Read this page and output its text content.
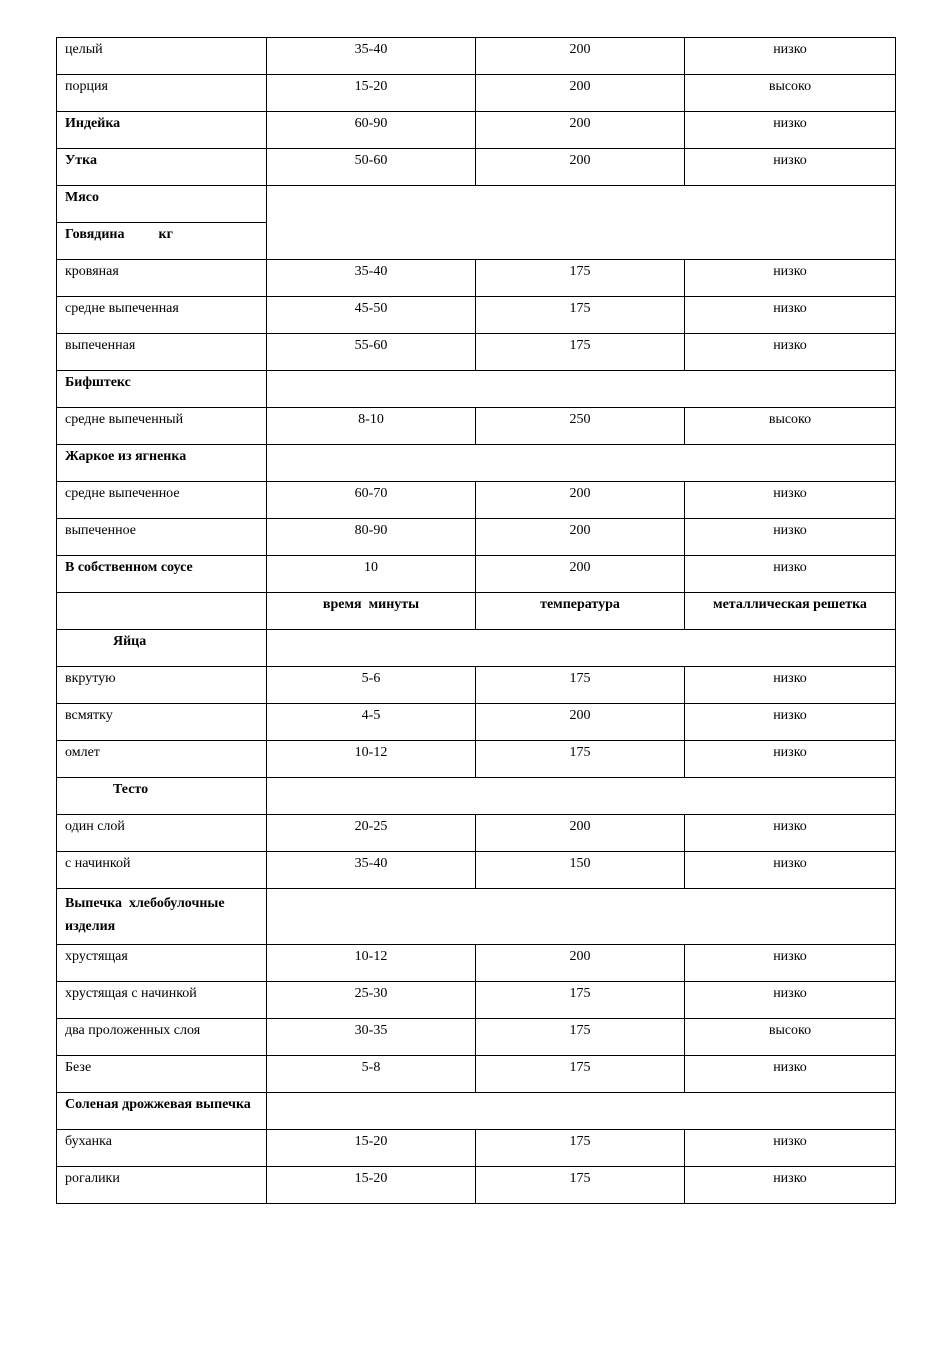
целый	35-40	200	низко
порция	15-20	200	высоко
Индейка	60-90	200	низко
Утка	50-60	200	низко
Мясо			
Говядина кг			
кровяная	35-40	175	низко
средне выпеченная	45-50	175	низко
выпеченная	55-60	175	низко
Бифштекс			
средне выпеченный	8-10	250	высоко
Жаркое из ягненка			
средне выпеченное	60-70	200	низко
выпеченное	80-90	200	низко
В собственном соусе	10	200	низко
	время  минуты	температура	металлическая решетка
Яйца			
вкрутую	5-6	175	низко
всмятку	4-5	200	низко
омлет	10-12	175	низко
Тесто			
один слой	20-25	200	низко
с начинкой	35-40	150	низко
Выпечка  хлебобулочные изделия			
хрустящая	10-12	200	низко
хрустящая с начинкой	25-30	175	низко
два проложенных слоя	30-35	175	высоко
Безе	5-8	175	низко
Соленая дрожжевая выпечка			
буханка	15-20	175	низко
рогалики	15-20	175	низко
